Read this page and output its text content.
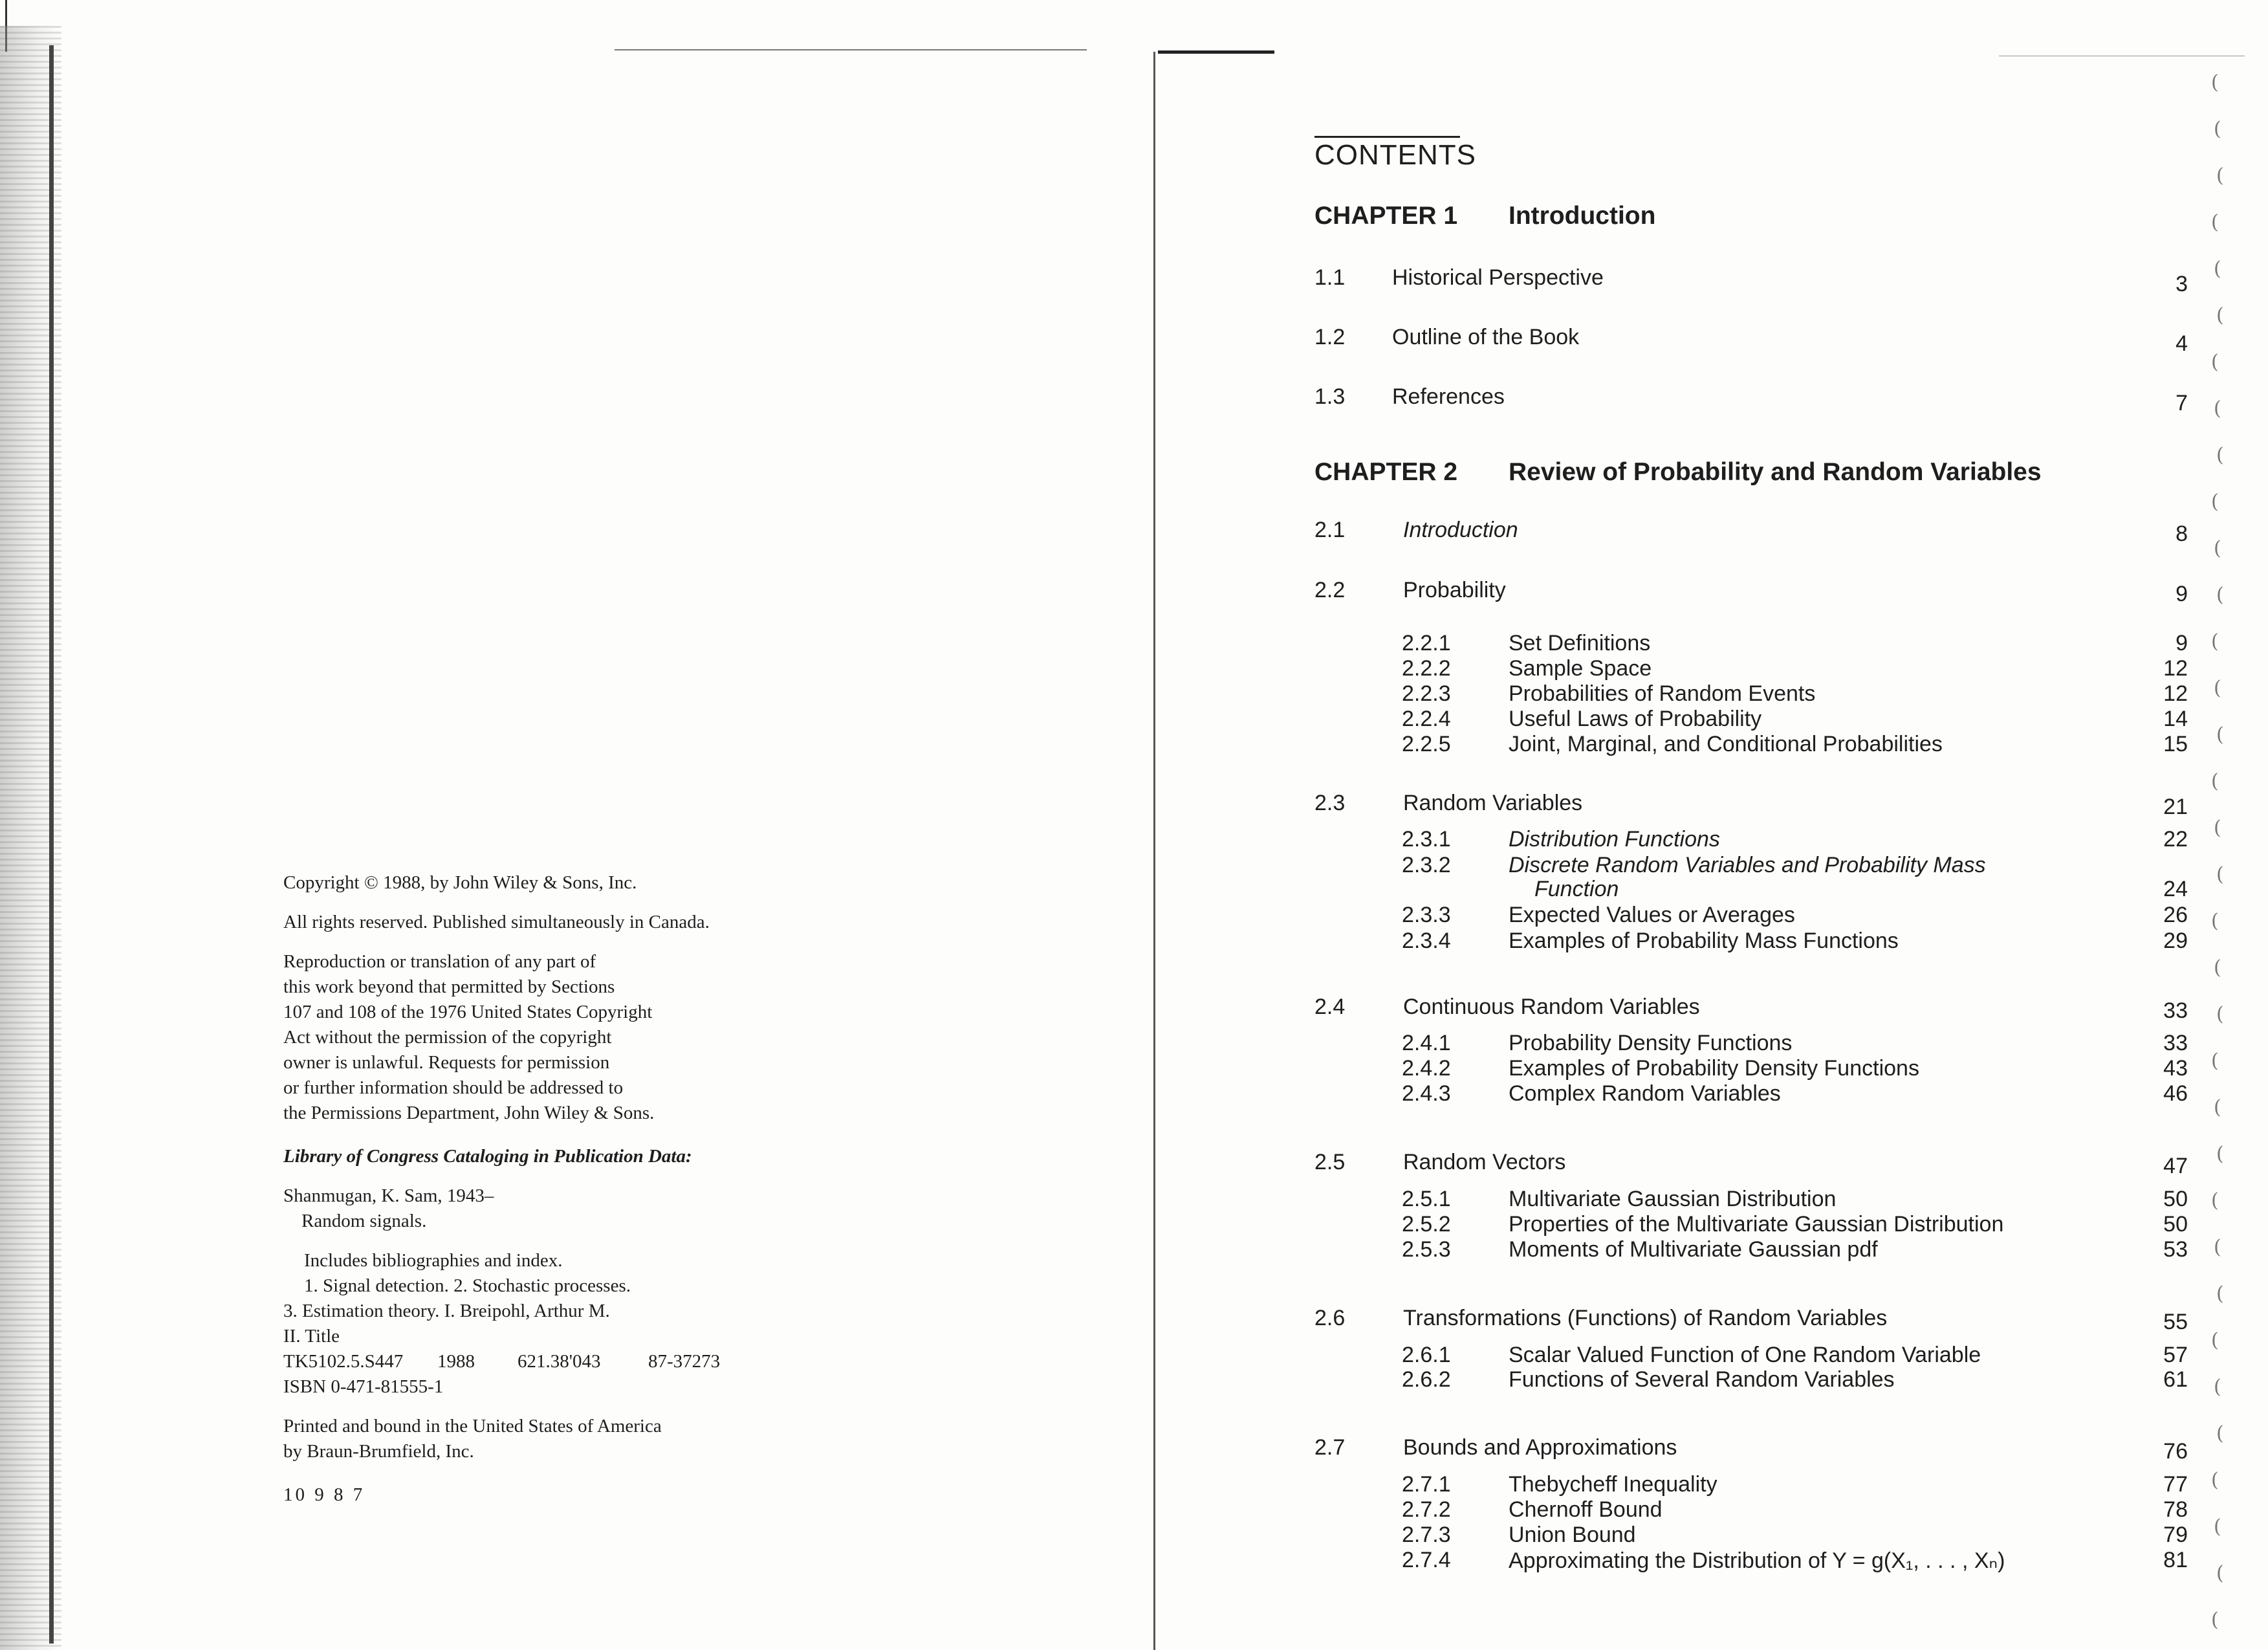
(
(
(
(
(
(
(
(
(
(
(
(
(
(
(
(
(
(
(
(
(
(
(
(
(
(
(
(
(
(
(
(
(
(

Copyright © 1988, by John Wiley & Sons, Inc.

All rights reserved. Published simultaneously in Canada.

Reproduction or translation of any part of

this work beyond that permitted by Sections

107 and 108 of the 1976 United States Copyright

Act without the permission of the copyright

owner is unlawful. Requests for permission

or further information should be addressed to

the Permissions Department, John Wiley & Sons.

Library of Congress Cataloging in Publication Data:

Shanmugan, K. Sam, 1943–

Random signals.

Includes bibliographies and index.

1. Signal detection. 2. Stochastic processes.

3. Estimation theory. I. Breipohl, Arthur M.

II. Title

TK5102.5.S447 1988 621.38'043	87-37273

ISBN 0-471-81555-1

Printed and bound in the United States of America

by Braun-Brumfield, Inc.

10 9 8 7

CONTENTS
CHAPTER 1 Introduction
1.1 Historical Perspective	3
1.2 Outline of the Book	4
1.3 References	7
CHAPTER 2 Review of Probability and Random Variables
2.1	Introduction	8
2.2	Probability	9
2.2.1	Set Definitions	9
2.2.2	Sample Space	12
2.2.3	Probabilities of Random Events	12
2.2.4	Useful Laws of Probability	14
2.2.5	Joint, Marginal, and Conditional Probabilities	15
2.3	Random Variables	21
2.3.1	Distribution Functions	22
2.3.2	Discrete Random Variables and Probability Mass
Function	24
2.3.3	Expected Values or Averages	26
2.3.4	Examples of Probability Mass Functions	29
2.4	Continuous Random Variables	33
2.4.1	Probability Density Functions	33
2.4.2	Examples of Probability Density Functions	43
2.4.3	Complex Random Variables	46
2.5	Random Vectors	47
2.5.1	Multivariate Gaussian Distribution	50
2.5.2	Properties of the Multivariate Gaussian Distribution	50
2.5.3	Moments of Multivariate Gaussian pdf	53
2.6	Transformations (Functions) of Random Variables	55
2.6.1	Scalar Valued Function of One Random Variable	57
2.6.2	Functions of Several Random Variables	61
2.7	Bounds and Approximations	76
2.7.1	Thebycheff Inequality	77
2.7.2	Chernoff Bound	78
2.7.3	Union Bound	79
2.7.4	Approximating the Distribution of Y = g(X₁, . . . , Xₙ)	81
